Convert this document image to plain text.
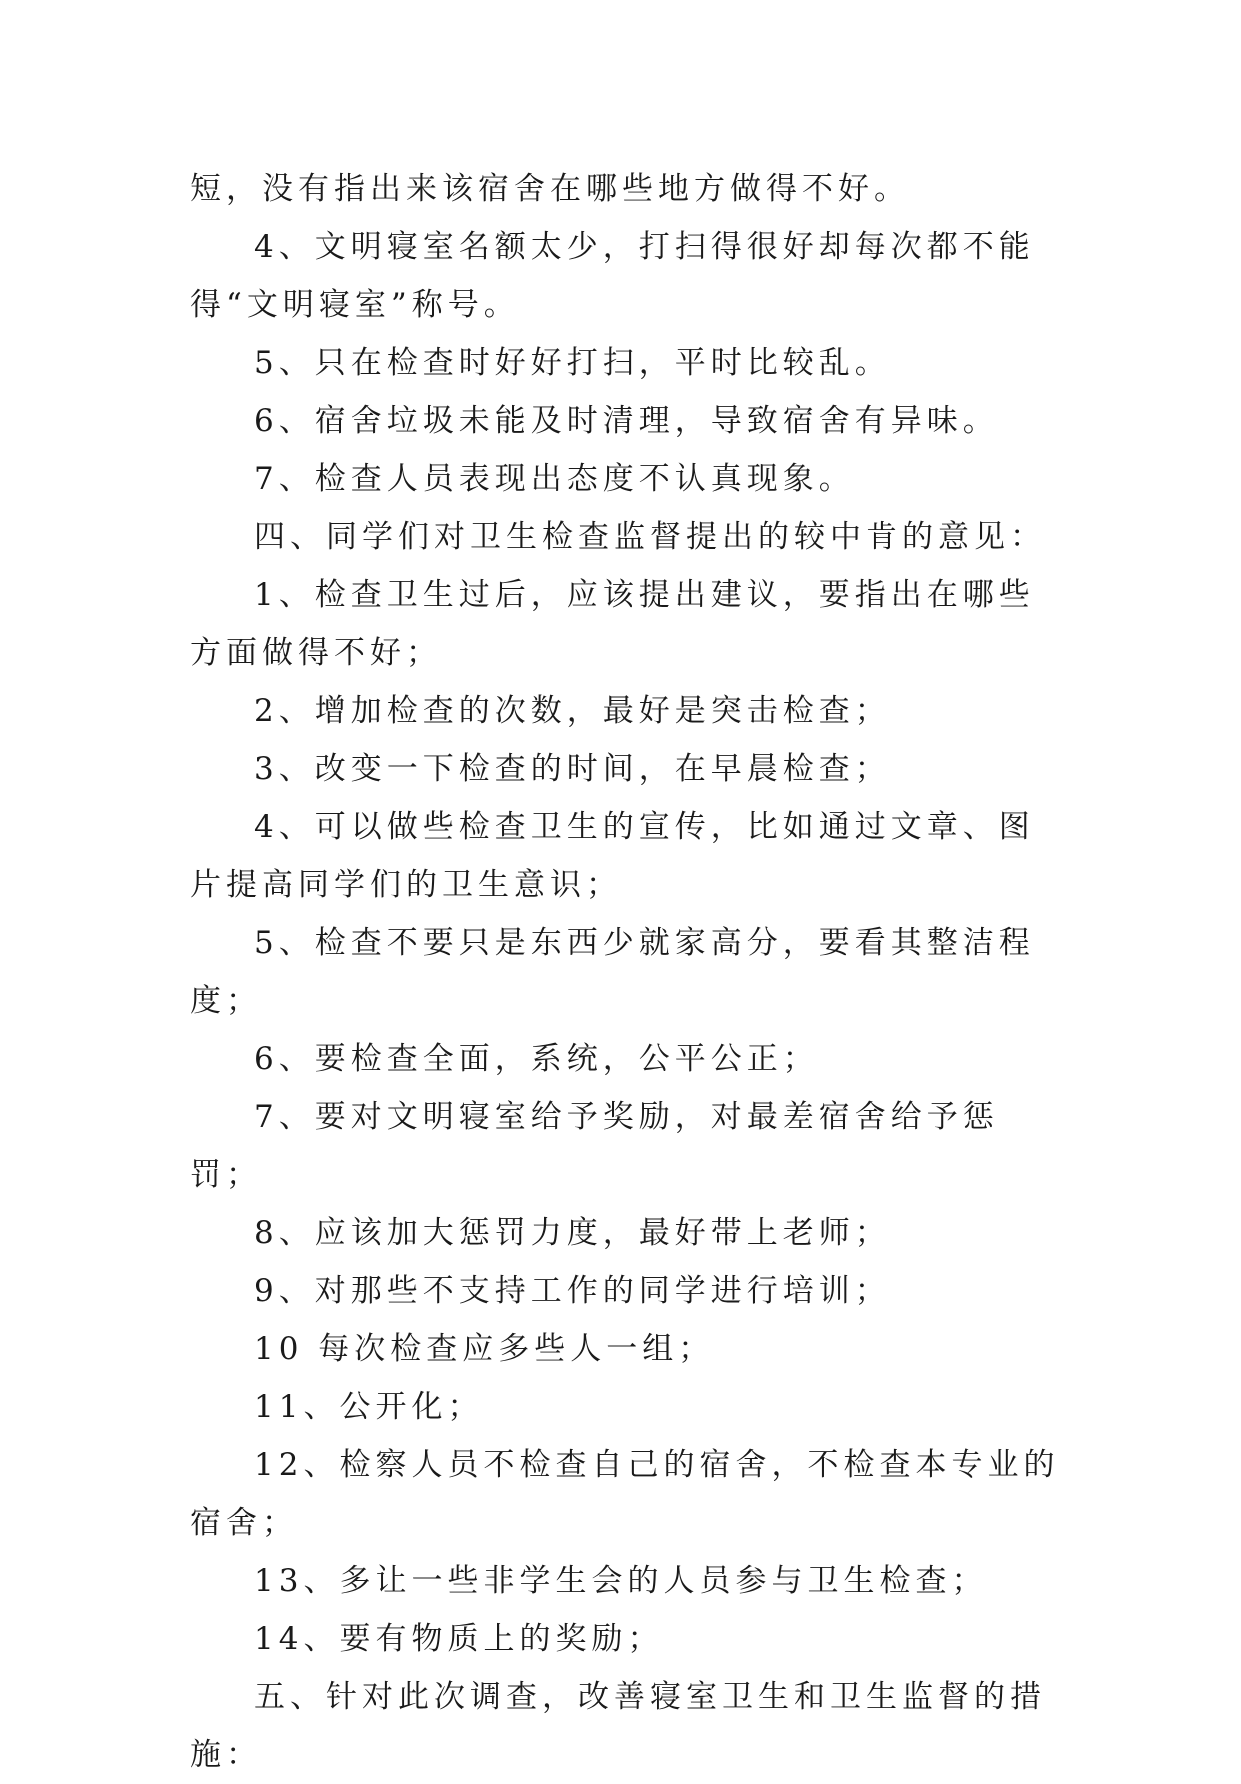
短，没有指出来该宿舍在哪些地方做得不好。

4、文明寝室名额太少，打扫得很好却每次都不能得“文明寝室”称号。

5、只在检查时好好打扫，平时比较乱。

6、宿舍垃圾未能及时清理，导致宿舍有异味。

7、检查人员表现出态度不认真现象。

四、同学们对卫生检查监督提出的较中肯的意见：

1、检查卫生过后，应该提出建议，要指出在哪些方面做得不好；

2、增加检查的次数，最好是突击检查；

3、改变一下检查的时间，在早晨检查；

4、可以做些检查卫生的宣传，比如通过文章、图片提高同学们的卫生意识；

5、检查不要只是东西少就家高分，要看其整洁程度；

6、要检查全面，系统，公平公正；

7、要对文明寝室给予奖励，对最差宿舍给予惩罚；

8、应该加大惩罚力度，最好带上老师；

9、对那些不支持工作的同学进行培训；

10 每次检查应多些人一组；

11、公开化；

12、检察人员不检查自己的宿舍，不检查本专业的宿舍；

13、多让一些非学生会的人员参与卫生检查；

14、要有物质上的奖励；

五、针对此次调查，改善寝室卫生和卫生监督的措施：
